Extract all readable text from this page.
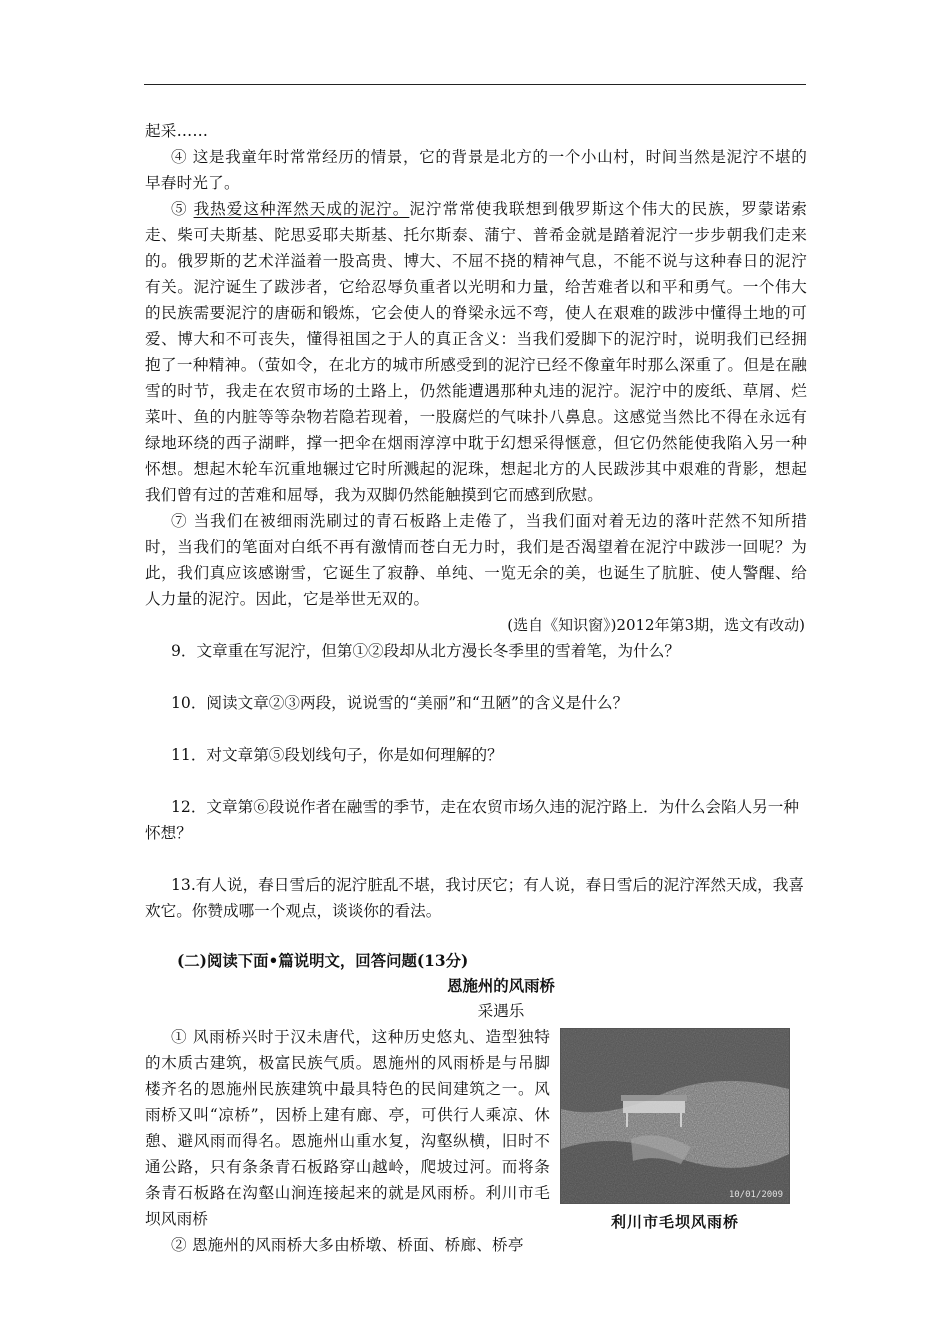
起采……

④ 这是我童年时常常经历的情景，它的背景是北方的一个小山村，时间当然是泥泞不堪的早春时光了。

⑤ 我热爱这种浑然天成的泥泞。泥泞常常使我联想到俄罗斯这个伟大的民族，罗蒙诺索走、柴可夫斯基、陀思妥耶夫斯基、托尔斯泰、蒲宁、普希金就是踏着泥泞一步步朝我们走来的。俄罗斯的艺术洋溢着一股高贵、博大、不屈不挠的精神气息，不能不说与这种春日的泥泞有关。泥泞诞生了跋涉者，它给忍辱负重者以光明和力量，给苦难者以和平和勇气。一个伟大的民族需要泥泞的唐砺和锻炼，它会使人的脊梁永远不弯，使人在艰难的跋涉中懂得土地的可爱、博大和不可丧失，懂得祖国之于人的真正含义：当我们爱脚下的泥泞时，说明我们已经拥抱了一种精神。（萤如令，在北方的城市所感受到的泥泞已经不像童年时那么深重了。但是在融雪的时节，我走在农贸市场的土路上，仍然能遭遇那种丸违的泥泞。泥泞中的废纸、草屑、烂菜叶、鱼的内脏等等杂物若隐若现着，一股腐烂的气味扑八鼻息。这感觉当然比不得在永远有绿地环绕的西子湖畔，撑一把伞在烟雨淳淳中耽于幻想采得惬意，但它仍然能使我陷入另一种怀想。想起木轮车沉重地辗过它时所溅起的泥珠，想起北方的人民跋涉其中艰难的背影，想起我们曾有过的苦难和屈辱，我为双脚仍然能触摸到它而感到欣慰。

⑦ 当我们在被细雨洗刷过的青石板路上走倦了，当我们面对着无边的落叶茫然不知所措时，当我们的笔面对白纸不再有激情而苍白无力时，我们是否渴望着在泥泞中跋涉一回呢？为此，我们真应该感谢雪，它诞生了寂静、单纯、一览无余的美，也诞生了肮脏、使人警醒、给人力量的泥泞。因此，它是举世无双的。

(选自《知识窗》)2012年第3期，选文有改动)

9．文章重在写泥泞，但第①②段却从北方漫长冬季里的雪着笔，为什么？

10．阅读文章②③两段，说说雪的“美丽”和“丑陋”的含义是什么？

11．对文章第⑤段划线句子，你是如何理解的？

12．文章第⑥段说作者在融雪的季节，走在农贸市场久违的泥泞路上．为什么会陷人另一种怀想？

13.有人说，春日雪后的泥泞脏乱不堪，我讨厌它；有人说，春日雪后的泥泞浑然天成，我喜欢它。你赞成哪一个观点，谈谈你的看法。

(二)阅读下面•篇说明文，回答问题(13分)

恩施州的风雨桥

采遇乐

① 风雨桥兴时于汉未唐代，这种历史悠丸、造型独特的木质古建筑，极富民族气质。恩施州的风雨桥是与吊脚楼齐名的恩施州民族建筑中最具特色的民间建筑之一。风雨桥又叫“凉桥”，因桥上建有廊、亭，可供行人乘凉、休憩、避风雨而得名。恩施州山重水复，沟壑纵横，旧时不通公路，只有条条青石板路穿山越岭，爬坡过河。而将条条青石板路在沟壑山涧连接起来的就是风雨桥。利川市毛坝风雨桥

② 恩施州的风雨桥大多由桥墩、桥面、桥廊、桥亭

10/01/2009
利川市毛坝风雨桥
